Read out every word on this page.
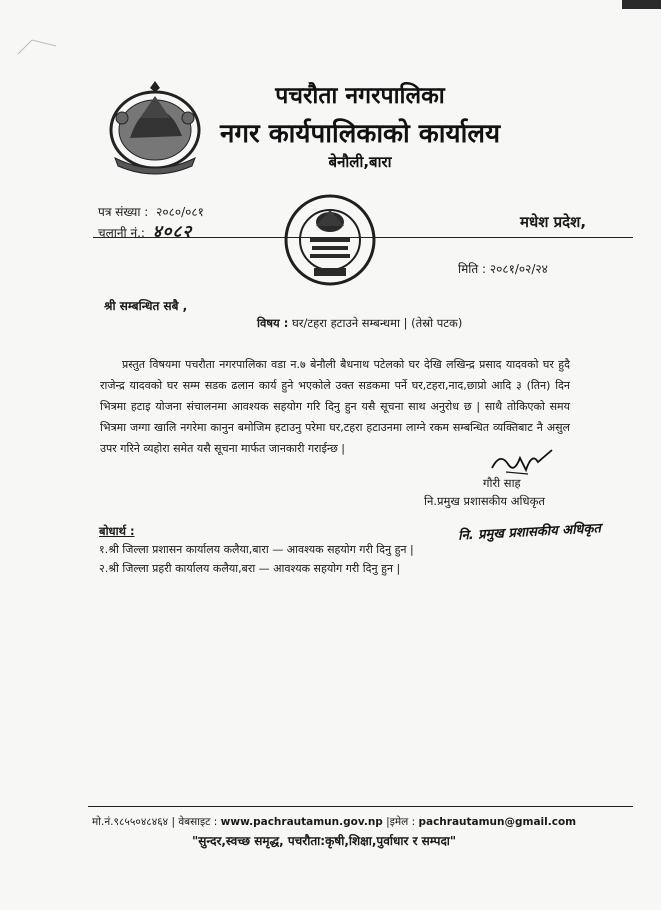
पचरौता नगरपालिका
नगर कार्यपालिकाको कार्यालय
बेनौली,बारा
पत्र संख्या : २०८०/०८१
चलानी नं.: ४०८२	मधेश प्रदेश,
मिति : २०८१/०२/२४
श्री सम्बन्धित सबै ,
विषय : घर/टहरा हटाउने सम्बन्धमा | (तेस्रो पटक)
प्रस्तुत विषयमा पचरौता नगरपालिका वडा न.७ बेनौली बैधनाथ पटेलको घर देखि लखिन्द्र प्रसाद यादवको घर हुदै राजेन्द्र यादवको घर सम्म सडक ढलान कार्य हुने भएकोले उक्त सडकमा पर्ने घर,टहरा,नाद,छाप्रो आदि ३ (तिन) दिन भित्रमा हटाइ योजना संचालनमा आवश्यक सहयोग गरि दिनु हुन यसै सूचना साथ अनुरोध छ | साथै तोकिएको समय भित्रमा जग्गा खालि नगरेमा कानुन बमोजिम हटाउनु परेमा घर,टहरा हटाउनमा लाग्ने रकम सम्बन्धित व्यक्तिबाट नै असुल उपर गरिने व्यहोरा समेत यसै सूचना मार्फत जानकारी गराईन्छ |
गौरी साह
नि.प्रमुख प्रशासकीय अधिकृत
नि. प्रमुख प्रशासकीय अधिकृत
बोधार्थ :
१.श्री जिल्ला प्रशासन कार्यालय कलैया,बारा — आवश्यक सहयोग गरी दिनु हुन |
२.श्री जिल्ला प्रहरी कार्यालय कलैया,बरा — आवश्यक सहयोग गरी दिनु हुन |
मो.नं.९८५५०४८४६४ | वेबसाइट : www.pachrautamun.gov.np |इमेल : pachrautamun@gmail.com
"सुन्दर,स्वच्छ समृद्ध, पचरौता:कृषी,शिक्षा,पुर्वाधार र सम्पदा"
